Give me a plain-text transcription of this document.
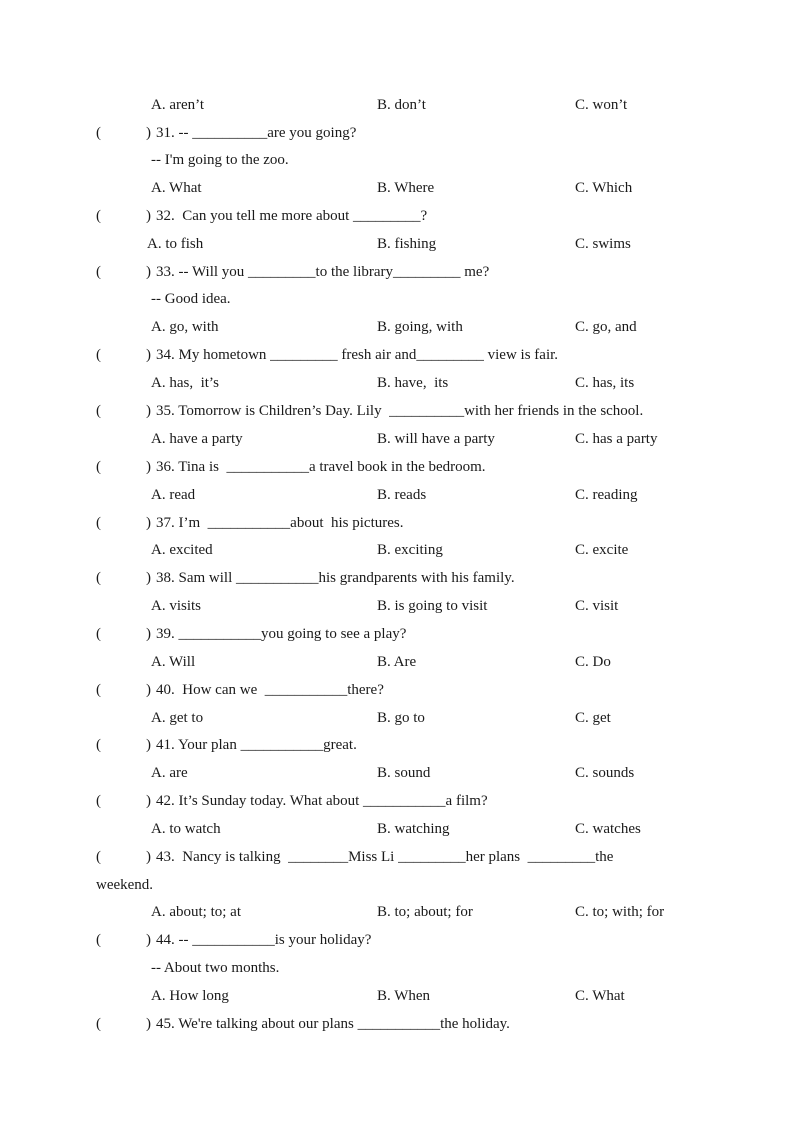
A. aren’t

	B. don’t

	C. won’t

(

	)

31. -- __________are you going?

-- I'm going to the zoo.

A. What

	B. Where

	C. Which

(

	)

32.  Can you tell me more about _________?

A. to fish

	B. fishing

	C. swims

(

	)

33. -- Will you _________to the library_________ me?

-- Good idea.

A. go, with

	B. going, with

	C. go, and

(

	)

34. My hometown _________ fresh air and_________ view is fair.

A. has,  it’s

	B. have,  its

	C. has, its

(

	)

35. Tomorrow is Children’s Day. Lily  __________with her friends in the school.

A. have a party

	B. will have a party

	C. has a party

(

	)

36. Tina is  ___________a travel book in the bedroom.

A. read

	B. reads

	C. reading

(

	)

37. I’m  ___________about  his pictures.

A. excited

	B. exciting

	C. excite

(

	)

38. Sam will ___________his grandparents with his family.

A. visits

	B. is going to visit

	C. visit

(

	)

39. ___________you going to see a play?

A. Will

	B. Are

	C. Do

(

	)

40.  How can we  ___________there?

A. get to

	B. go to

	C. get

(

	)

41. Your plan ___________great.

A. are

	B. sound

	C. sounds

(

	)

42. It’s Sunday today. What about ___________a film?

A. to watch

	B. watching

	C. watches

(

	)

43.  Nancy is talking  ________Miss Li _________her plans  _________the

weekend.

A. about; to; at

	B. to; about; for

	C. to; with; for

(

	)

44. -- ___________is your holiday?

-- About two months.

A. How long

	B. When

	C. What

(

	)

45. We're talking about our plans ___________the holiday.
